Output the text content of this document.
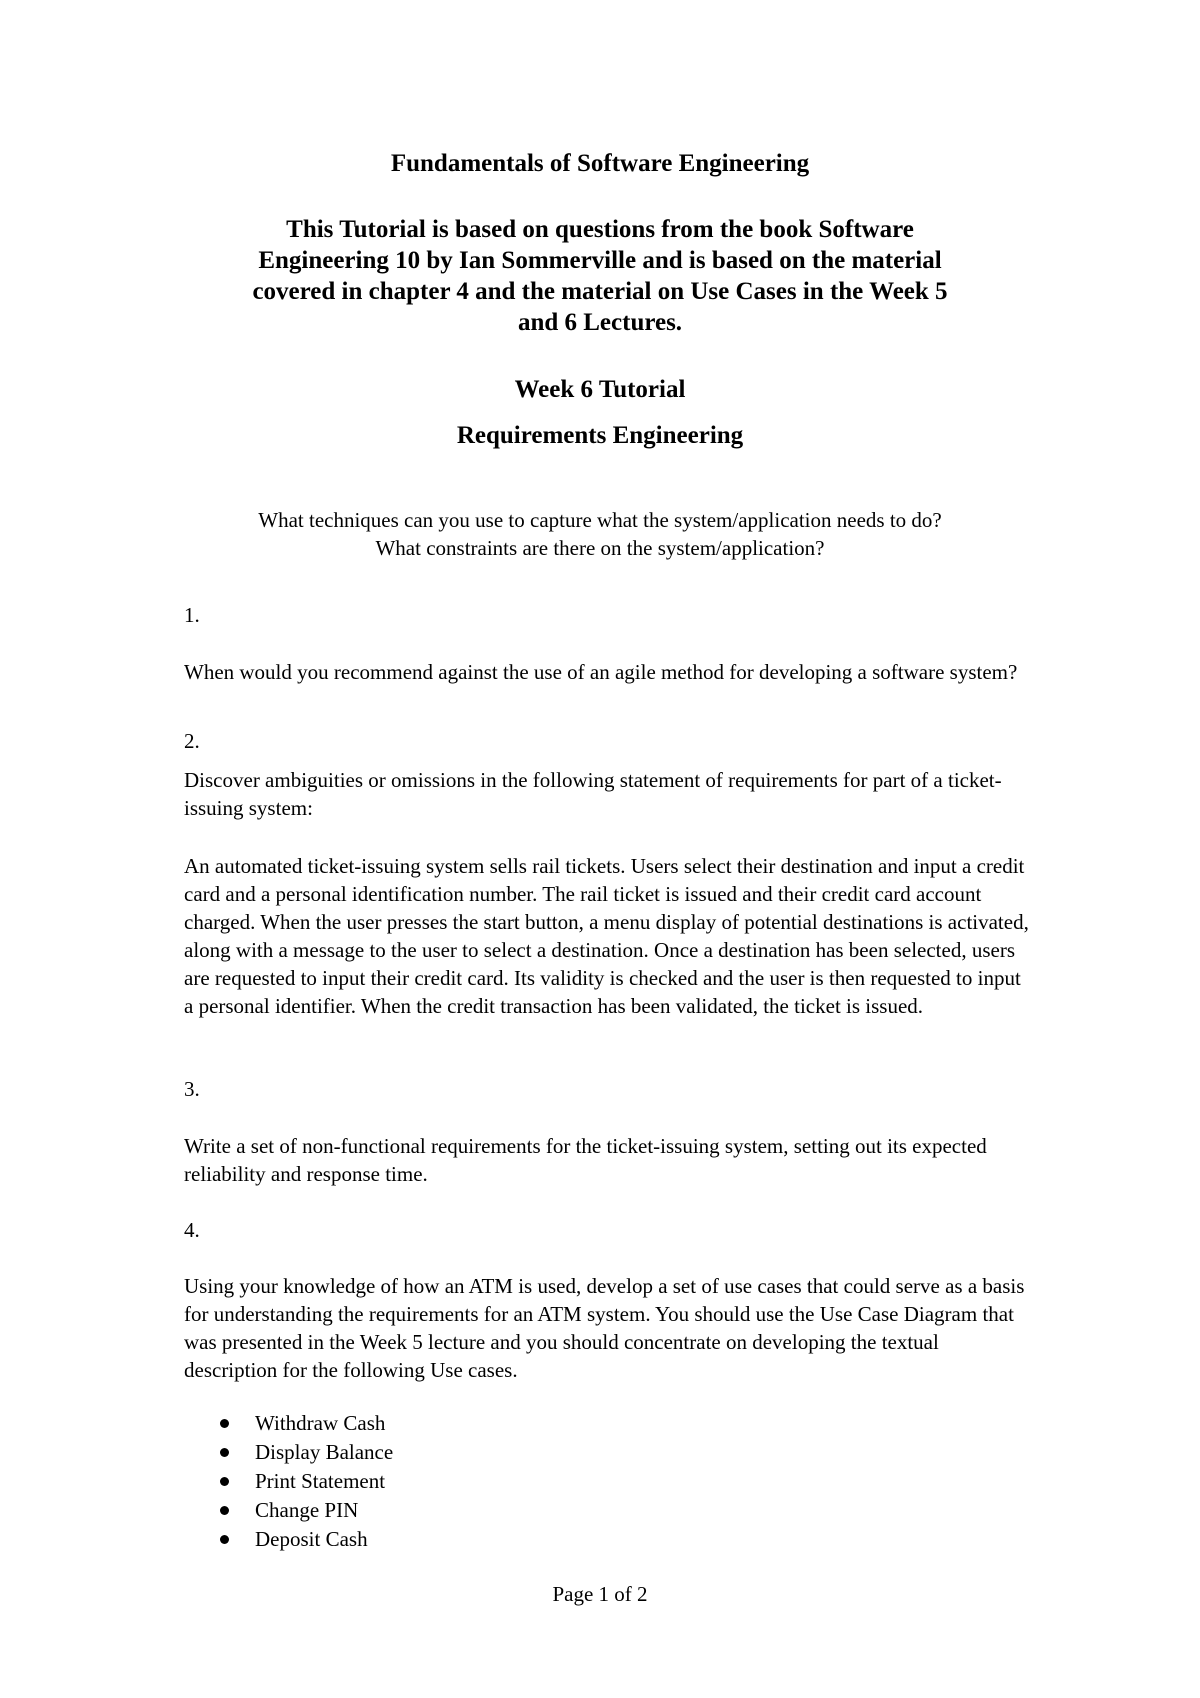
Fundamentals of Software Engineering
This Tutorial is based on questions from the book Software
Engineering 10 by Ian Sommerville and is based on the material
covered in chapter 4 and the material on Use Cases in the Week 5
and 6 Lectures.
Week 6 Tutorial
Requirements Engineering
What techniques can you use to capture what the system/application needs to do?
What constraints are there on the system/application?
1.
When would you recommend against the use of an agile method for developing a software system?
2.
Discover ambiguities or omissions in the following statement of requirements for part of a ticket-issuing system:
An automated ticket-issuing system sells rail tickets. Users select their destination and input a credit card and a personal identification number. The rail ticket is issued and their credit card account charged. When the user presses the start button, a menu display of potential destinations is activated, along with a message to the user to select a destination. Once a destination has been selected, users are requested to input their credit card. Its validity is checked and the user is then requested to input a personal identifier. When the credit transaction has been validated, the ticket is issued.
3.
Write a set of non-functional requirements for the ticket-issuing system, setting out its expected reliability and response time.
4.
Using your knowledge of how an ATM is used, develop a set of use cases that could serve as a basis for understanding the requirements for an ATM system. You should use the Use Case Diagram that was presented in the Week 5 lecture and you should concentrate on developing the textual description for the following Use cases.
Withdraw Cash
Display Balance
Print Statement
Change PIN
Deposit Cash
Page 1 of 2
